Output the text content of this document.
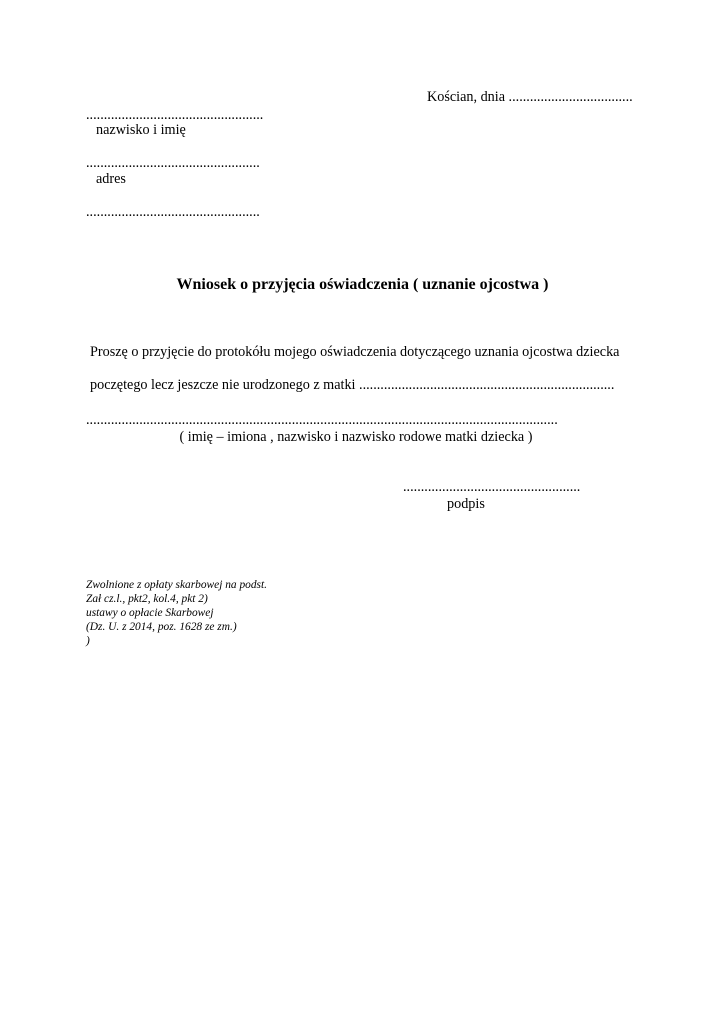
Kościan, dnia ...................................
..................................................
nazwisko i imię
.................................................
adres
.................................................
Wniosek o przyjęcia oświadczenia ( uznanie ojcostwa )
Proszę o przyjęcie do protokółu mojego oświadczenia dotyczącego uznania ojcostwa dziecka
poczętego lecz jeszcze nie urodzonego z matki ........................................................................
.....................................................................................................................................
( imię – imiona , nazwisko i nazwisko rodowe matki dziecka )
..................................................
podpis
Zwolnione z opłaty skarbowej na podst.
Zał cz.l., pkt2, kol.4, pkt 2)
ustawy o opłacie Skarbowej
(Dz. U. z 2014, poz. 1628 ze zm.)
)
